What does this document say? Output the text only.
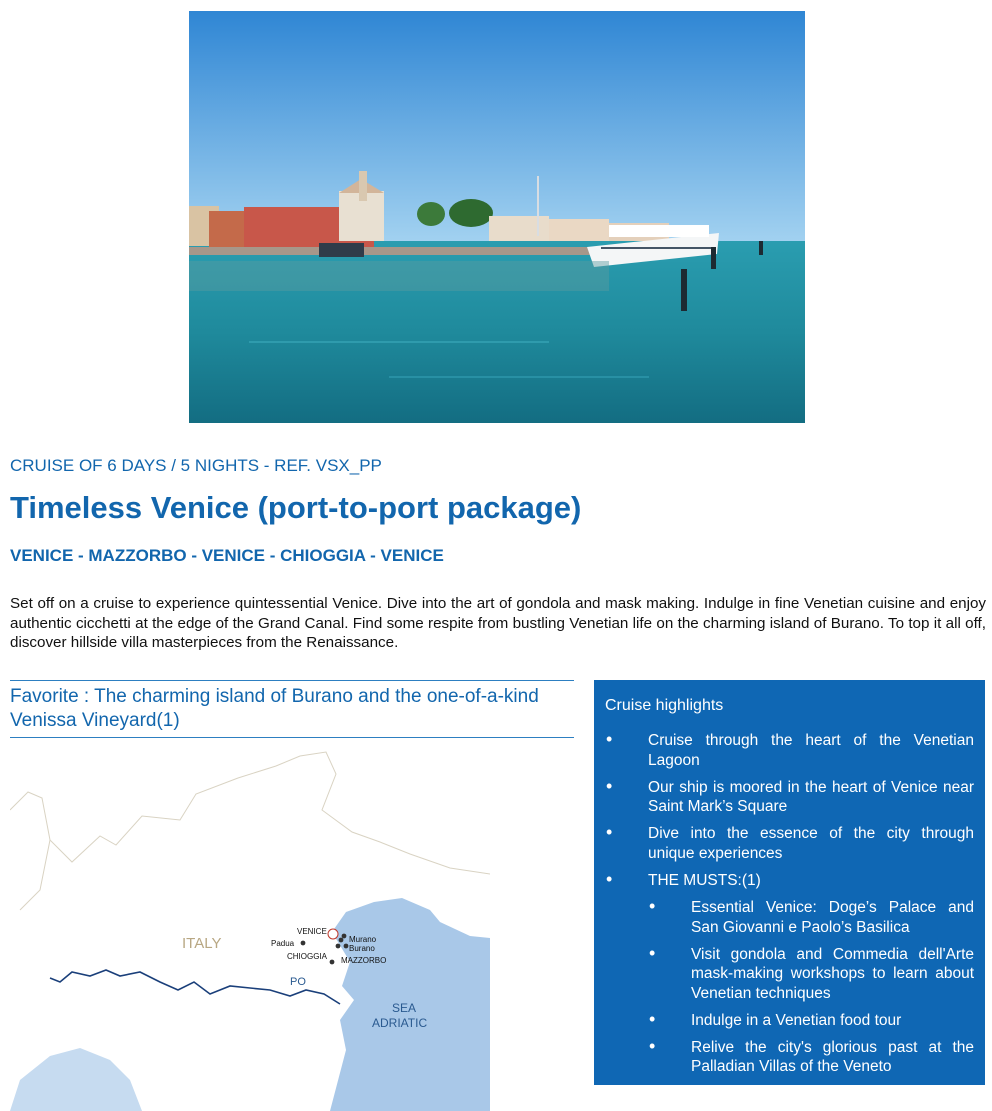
CRUISE OF 6 DAYS / 5 NIGHTS - REF. VSX_PP
Timeless Venice (port-to-port package)
VENICE - MAZZORBO - VENICE - CHIOGGIA - VENICE

Set off on a cruise to experience quintessential Venice. Dive into the art of gondola and mask making. Indulge in fine Venetian cuisine and enjoy authentic cicchetti at the edge of the Grand Canal. Find some respite from bustling Venetian life on the charming island of Burano. To top it all off, discover hillside villa masterpieces from the Renaissance.

Favorite : The charming island of Burano and the one-of-a-kind Venissa Vineyard(1)
ITALY
PO
SEA
ADRIATIC
VENICE
Murano
Burano
Padua
CHIOGGIA MAZZORBO
Cruise highlights
• Cruise through the heart of the Venetian Lagoon
• Our ship is moored in the heart of Venice near Saint Mark’s Square
• Dive into the essence of the city through unique experiences
• THE MUSTS:(1)
• Essential Venice: Doge’s Palace and San Giovanni e Paolo’s Basilica
• Visit gondola and Commedia dell'Arte mask-making workshops to learn about Venetian techniques
• Indulge in a Venetian food tour
• Relive the city's glorious past at the Palladian Villas of the Veneto
